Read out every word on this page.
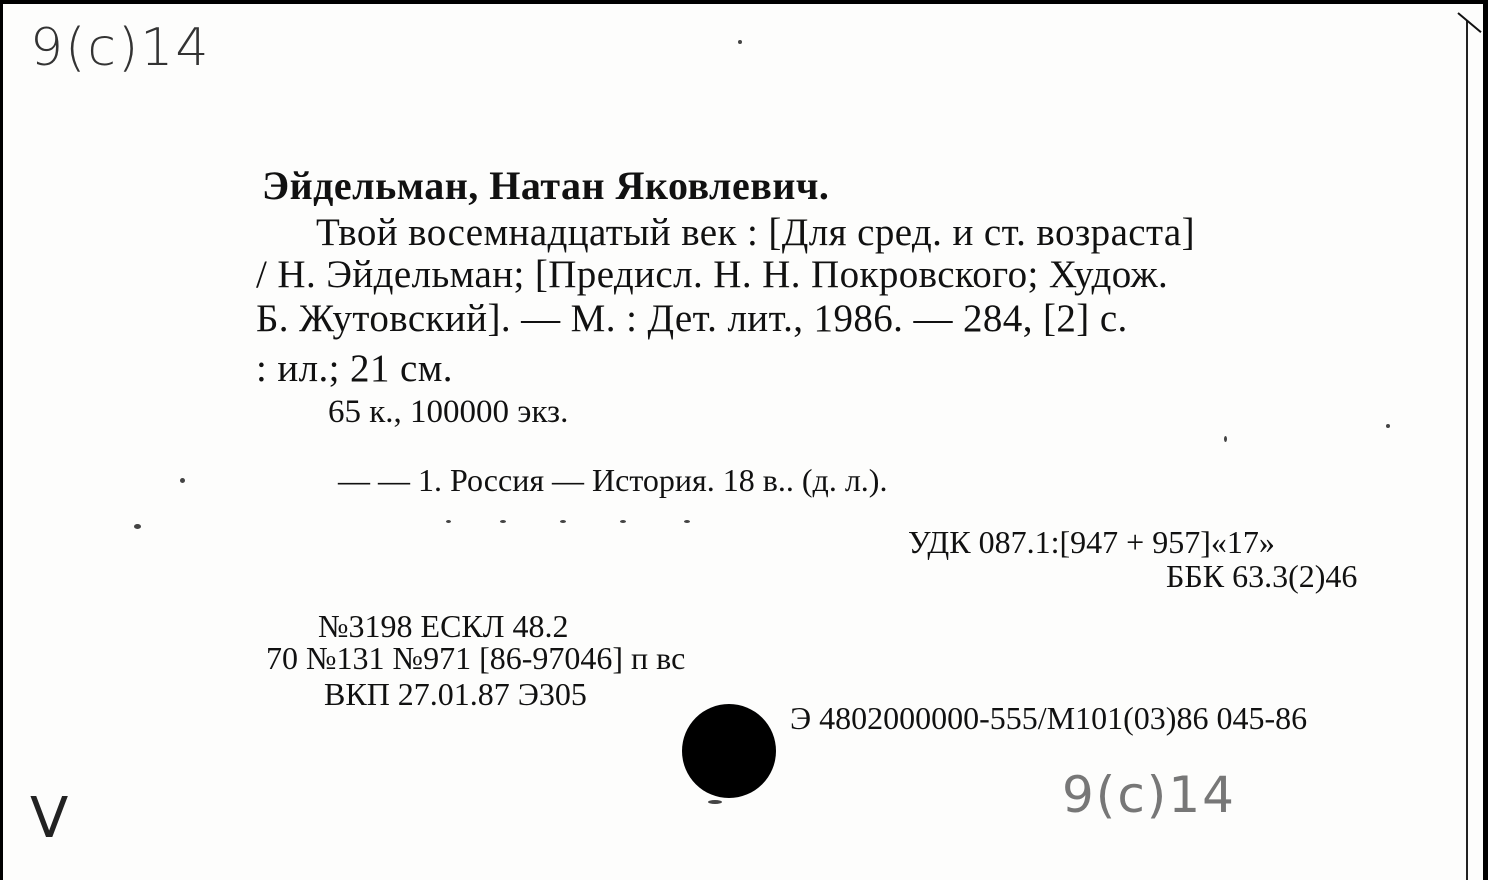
9(с)14
Эйдельман, Натан Яковлевич.
Твой восемнадцатый век : [Для сред. и ст. возраста]
/ Н. Эйдельман; [Предисл. Н. Н. Покровского; Худож.
Б. Жутовский]. — М. : Дет. лит., 1986. — 284, [2] с.
: ил.; 21 см.
65 к., 100000 экз.
— — 1. Россия — История. 18 в.. (д. л.).
УДК 087.1:[947 + 957]«17»
ББК 63.3(2)46
№3198 ЕСКЛ 48.2
70 №131 №971 [86-97046] п вс
ВКП 27.01.87 Э305
Э 4802000000-555/М101(03)86 045-86
9(с)14
V
